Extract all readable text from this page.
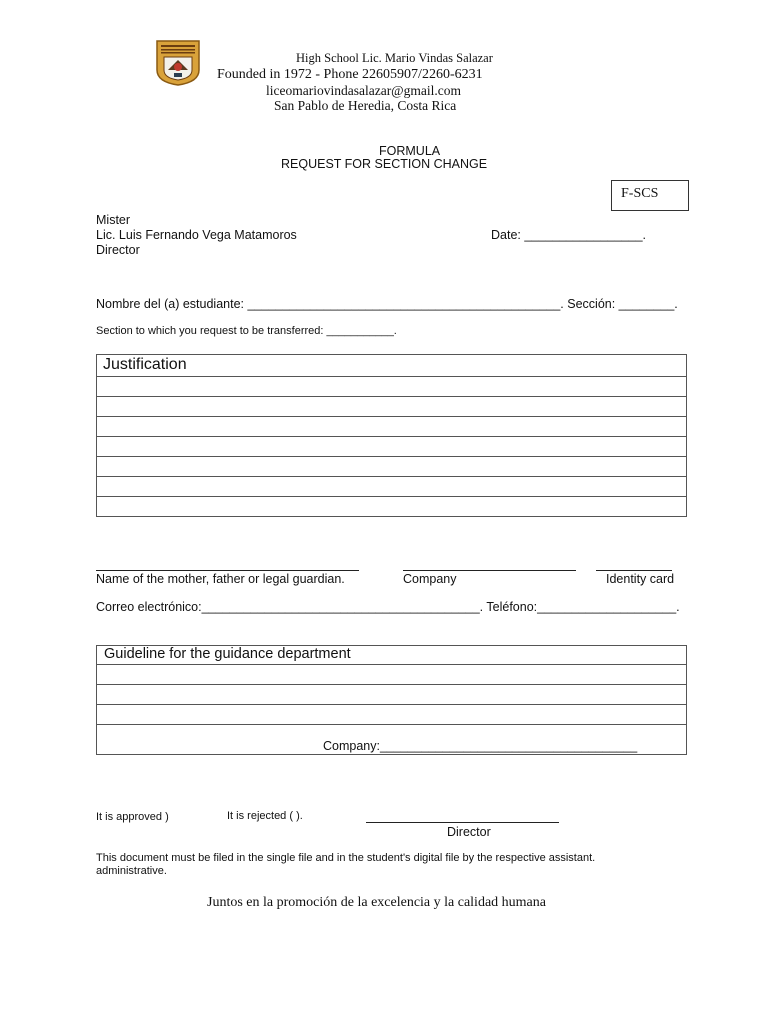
High School Lic. Mario Vindas Salazar
Founded in 1972 - Phone 22605907/2260-6231
liceomariovindasalazar@gmail.com
San Pablo de Heredia, Costa Rica
FORMULA
REQUEST FOR SECTION CHANGE
F-SCS
Mister
Lic. Luis Fernando Vega Matamoros
Director
Date: _________________.
Nombre del (a) estudiante: _____________________________________________. Sección: ________.
Section to which you request to be transferred: ___________.
Justification
Name of the mother, father or legal guardian.	Company	Identity card
Correo electrónico:________________________________________. Teléfono:____________________.
Guideline for the guidance department
Company:_____________________________________
It is approved )	It is rejected ( ).
Director
This document must be filed in the single file and in the student's digital file by the respective assistant. administrative.
Juntos en la promoción de la excelencia y la calidad humana
